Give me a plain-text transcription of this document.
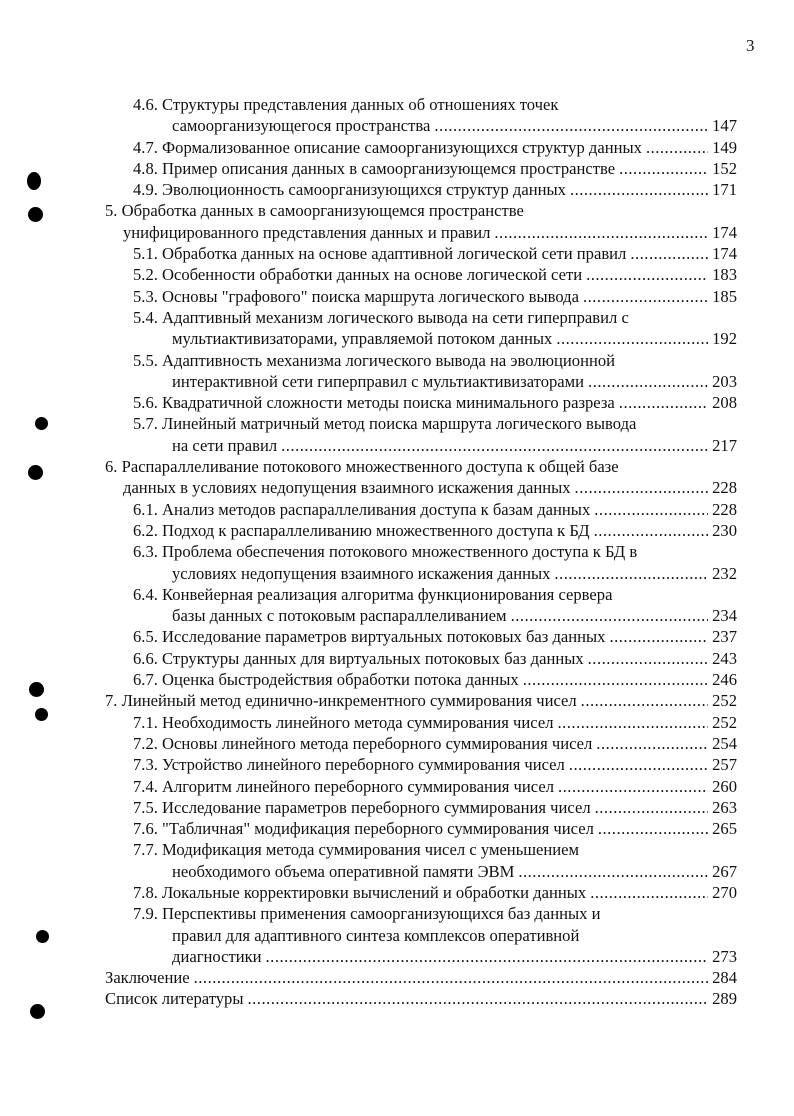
3
4.6. Структуры представления данных об отношениях точек
самоорганизующегося пространства .....	147
4.7. Формализованное описание самоорганизующихся структур данных .....	149
4.8. Пример описания данных в самоорганизующемся пространстве .....	152
4.9. Эволюционность самоорганизующихся структур данных .....	171
5. Обработка данных в самоорганизующемся пространстве
унифицированного представления данных и правил .....	174
5.1. Обработка данных на основе адаптивной логической сети правил .....	174
5.2. Особенности обработки данных на основе логической сети .....	183
5.3. Основы "графового" поиска маршрута логического вывода .....	185
5.4. Адаптивный механизм логического вывода на сети гиперправил с
мультиактивизаторами, управляемой потоком данных .....	192
5.5. Адаптивность механизма логического вывода на эволюционной
интерактивной сети гиперправил с мультиактивизаторами .....	203
5.6. Квадратичной сложности методы поиска минимального разреза .....	208
5.7. Линейный матричный метод поиска маршрута логического вывода
на сети правил .....	217
6. Распараллеливание потокового множественного доступа к общей базе
данных в условиях недопущения взаимного искажения данных .....	228
6.1. Анализ методов распараллеливания доступа к базам данных .....	228
6.2. Подход к распараллеливанию множественного доступа к БД .....	230
6.3. Проблема обеспечения потокового множественного доступа к БД в
условиях недопущения взаимного искажения данных .....	232
6.4. Конвейерная реализация алгоритма функционирования сервера
базы данных с потоковым распараллеливанием .....	234
6.5. Исследование параметров виртуальных потоковых баз данных .....	237
6.6. Структуры данных для виртуальных потоковых баз данных .....	243
6.7. Оценка быстродействия обработки потока данных .....	246
7. Линейный метод единично-инкрементного суммирования чисел .....	252
7.1. Необходимость линейного метода суммирования чисел .....	252
7.2. Основы линейного метода переборного суммирования чисел .....	254
7.3. Устройство линейного переборного суммирования чисел .....	257
7.4. Алгоритм линейного переборного суммирования чисел .....	260
7.5. Исследование параметров переборного суммирования чисел .....	263
7.6. "Табличная" модификация переборного суммирования чисел .....	265
7.7. Модификация метода суммирования чисел с уменьшением
необходимого объема оперативной памяти ЭВМ .....	267
7.8. Локальные корректировки вычислений и обработки данных .....	270
7.9. Перспективы применения самоорганизующихся баз данных и
правил для адаптивного синтеза комплексов оперативной
диагностики .....	273
Заключение .....	284
Список литературы .....	289
